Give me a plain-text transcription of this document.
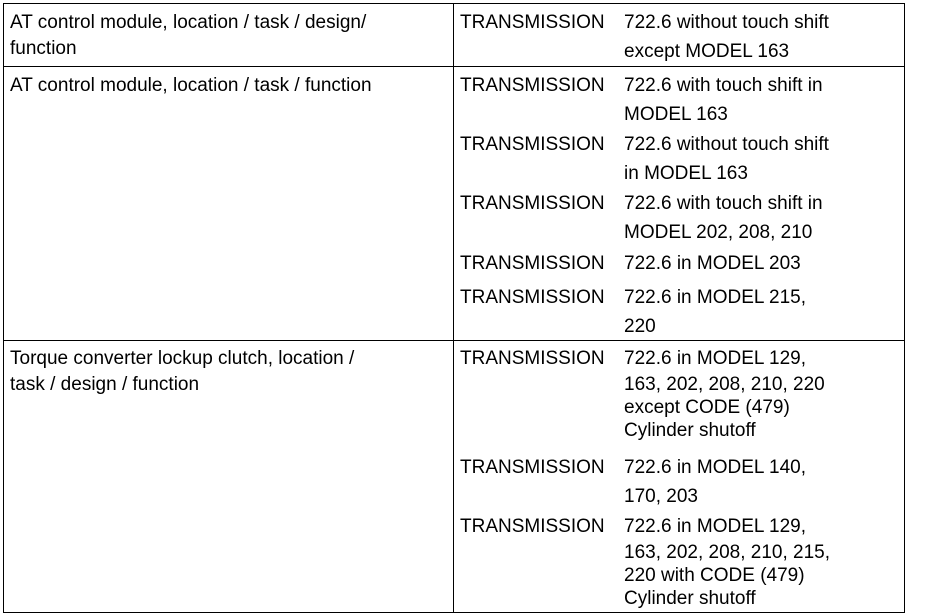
AT control module, location / task / design/
function
TRANSMISSION 722.6 without touch shift
except MODEL 163
AT control module, location / task / function	TRANSMISSION 722.6 with touch shift in
MODEL 163
TRANSMISSION 722.6 without touch shift
in MODEL 163
TRANSMISSION 722.6 with touch shift in
MODEL 202, 208, 210
TRANSMISSION 722.6 in MODEL 203
TRANSMISSION 722.6 in MODEL 215,
220
Torque converter lockup clutch, location /
task / design / function
TRANSMISSION 722.6 in MODEL 129,
163, 202, 208, 210, 220
except CODE (479)
Cylinder shutoff
TRANSMISSION 722.6 in MODEL 140,
170, 203
TRANSMISSION 722.6 in MODEL 129,
163, 202, 208, 210, 215,
220 with CODE (479)
Cylinder shutoff
